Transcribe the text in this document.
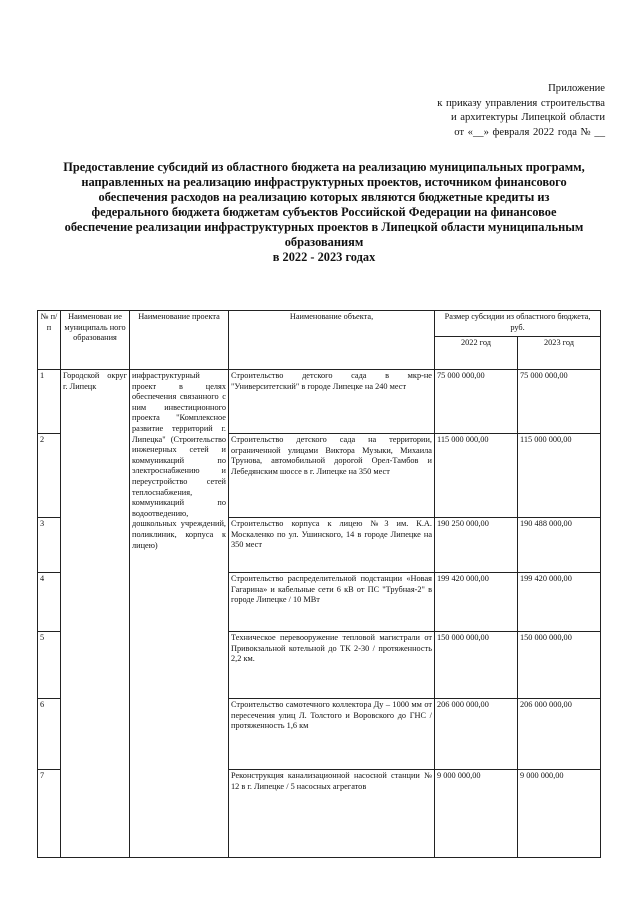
Приложение
к приказу управления строительства
и архитектуры Липецкой области
от «__» февраля 2022 года № __
Предоставление субсидий из областного бюджета на реализацию муниципальных программ, направленных на реализацию инфраструктурных проектов, источником финансового обеспечения расходов на реализацию которых являются бюджетные кредиты из федерального бюджета бюджетам субъектов Российской Федерации на финансовое обеспечение реализации инфраструктурных проектов в Липецкой области муниципальным образованиям
в 2022 - 2023 годах
№ п/ п	Наименован ие муниципаль ного образования	Наименование проекта	Наименование объекта,	Размер субсидии из областного бюджета, руб.	
				2022 год	2023 год
1	Городской округ г. Липецк	инфраструктурный проект в целях обеспечения связанного с ним инвестиционного проекта "Комплексное развитие территорий г. Липецка" (Строительство инженерных сетей и коммуникаций по электроснабжению и переустройство сетей теплоснабжения, коммуникаций по водоотведению, дошкольных учреждений, поликлиник, корпуса к лицею)	Строительство детского сада в мкр-не "Университетский" в городе Липецке на 240 мест	75 000 000,00	75 000 000,00
2			Строительство детского сада на территории, ограниченной улицами Виктора Музыки, Михаила Трунова, автомобильной дорогой Орел-Тамбов и Лебедянским шоссе в г. Липецке на 350 мест	115 000 000,00	115 000 000,00
3			Строительство корпуса к лицею №3 им. К.А. Москаленко по ул. Ушинского, 14 в городе Липецке на 350 мест	190 250 000,00	190 488 000,00
4			Строительство распределительной подстанции «Новая Гагарина» и кабельные сети 6 кВ от ПС "Трубная-2" в городе Липецке / 10 МВт	199 420 000,00	199 420 000,00
5			Техническое перевооружение тепловой магистрали от Привокзальной котельной до ТК 2-30 / протяженность 2,2 км.	150 000 000,00	150 000 000,00
6			Строительство самотечного коллектора Ду – 1000 мм от пересечения улиц Л. Толстого и Воровского до ГНС / протяженность 1,6 км	206 000 000,00	206 000 000,00
7			Реконструкция канализационной насосной станции № 12 в г. Липецке / 5 насосных агрегатов	9 000 000,00	9 000 000,00
